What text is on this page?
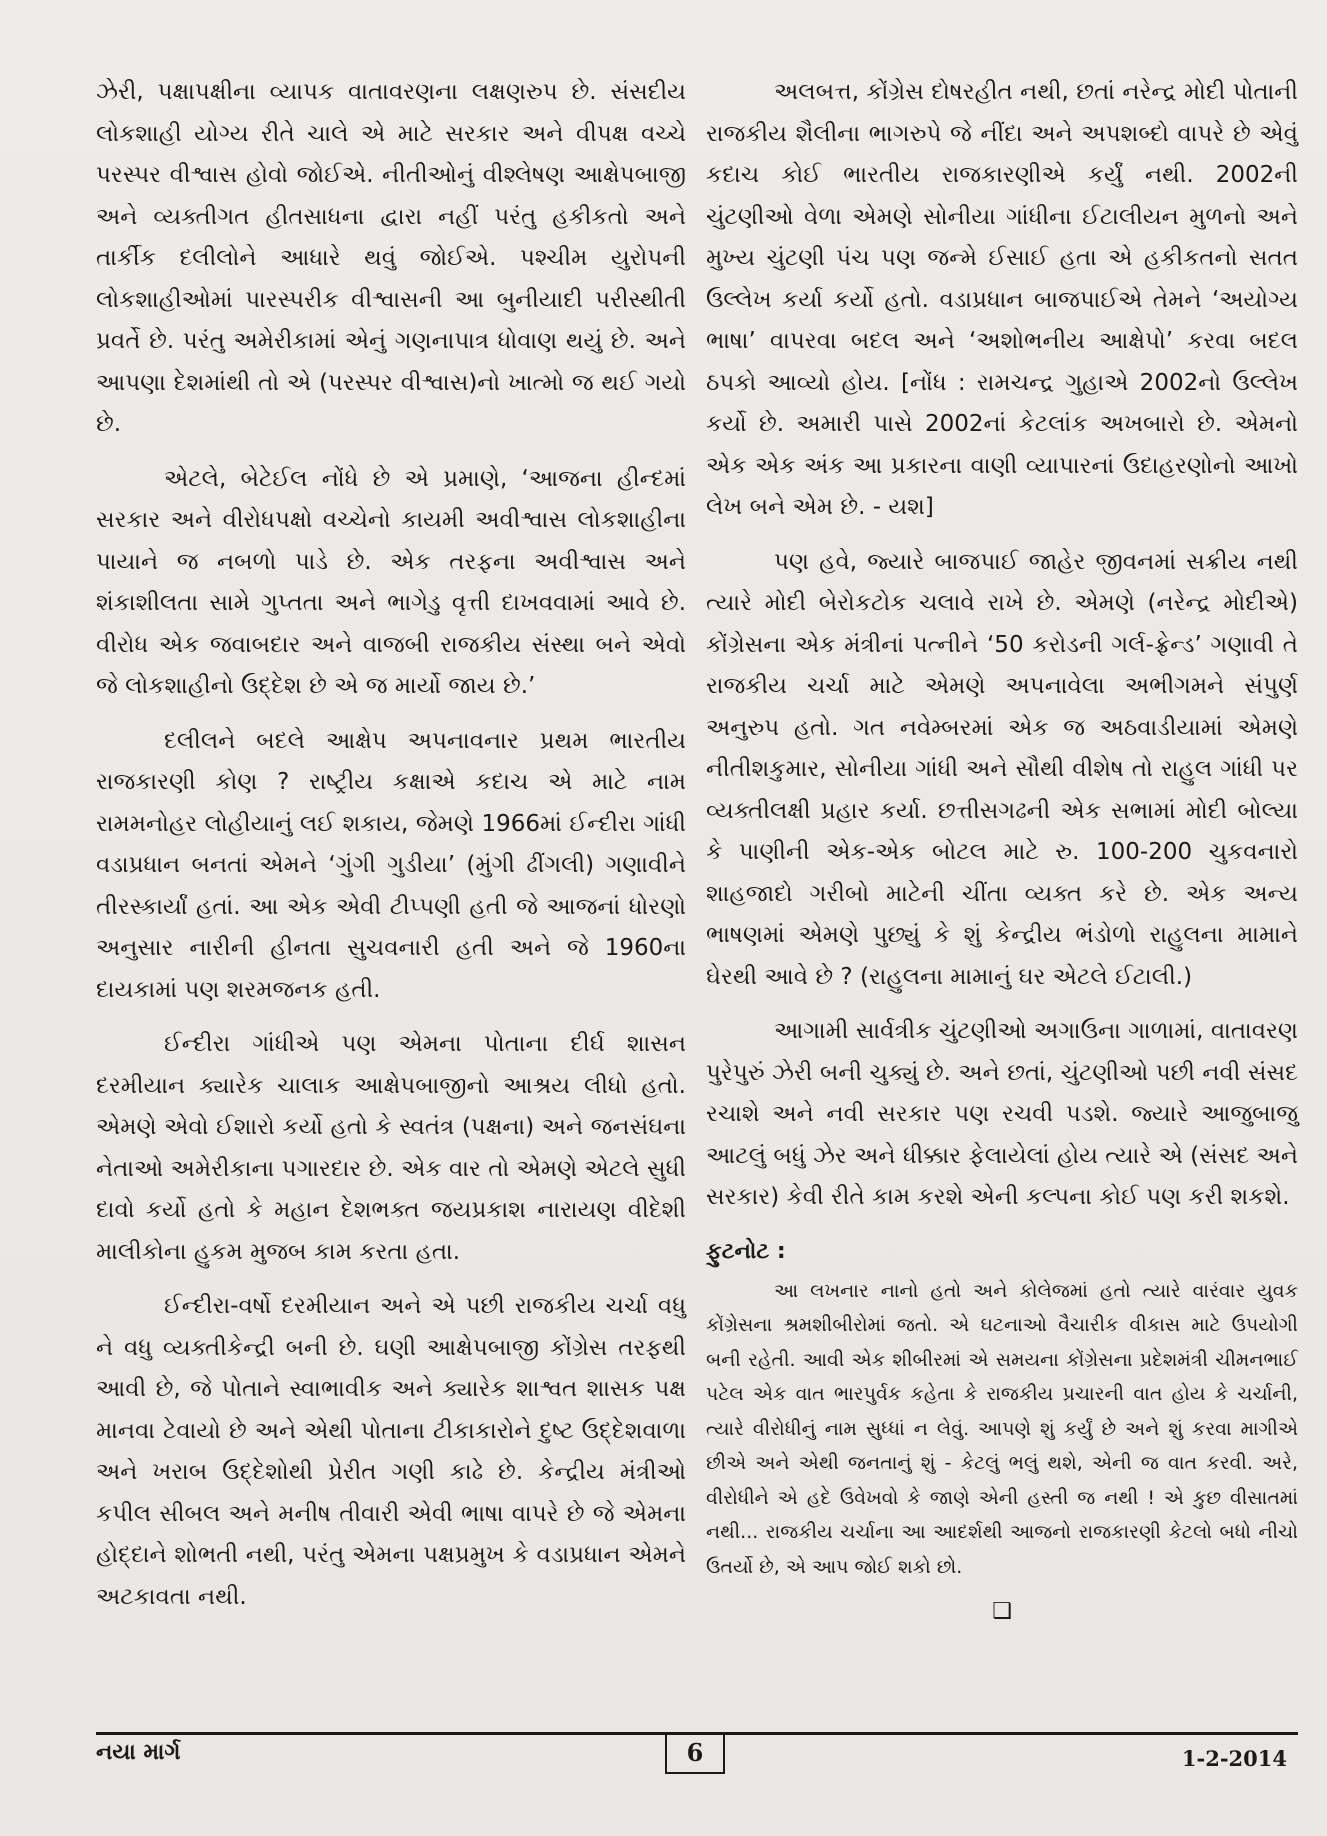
ઝેરી, પક્ષાપક્ષીના વ્યાપક વાતાવરણના લક્ષણરુપ છે. સંસદીય લોકશાહી યોગ્ય રીતે ચાલે એ માટે સરકાર અને વીપક્ષ વચ્ચે પરસ્પર વીશ્વાસ હોવો જોઈએ. નીતીઓનું વીશ્લેષણ આક્ષેપબાજી અને વ્યક્તીગત હીતસાધના દ્વારા નહીં પરંતુ હકીકતો અને તાર્કીક દલીલોને આધારે થવું જોઈએ. પશ્ચીમ યુરોપની લોકશાહીઓમાં પારસ્પરીક વીશ્વાસની આ બુનીયાદી પરીસ્થીતી પ્રવર્તે છે. પરંતુ અમેરીકામાં એનું ગણનાપાત્ર ધોવાણ થયું છે. અને આપણા દેશમાંથી તો એ (પરસ્પર વીશ્વાસ)નો ખાત્મો જ થઈ ગયો છે.

એટલે, બેટેઈલ નોંધે છે એ પ્રમાણે, ‘આજના હીન્દમાં સરકાર અને વીરોધપક્ષો વચ્ચેનો કાયમી અવીશ્વાસ લોકશાહીના પાયાને જ નબળો પાડે છે. એક તરફના અવીશ્વાસ અને શંકાશીલતા સામે ગુપ્તતા અને ભાગેડુ વૃત્તી દાખવવામાં આવે છે. વીરોધ એક જવાબદાર અને વાજબી રાજકીય સંસ્થા બને એવો જે લોકશાહીનો ઉદ્દેશ છે એ જ માર્યો જાય છે.’

દલીલને બદલે આક્ષેપ અપનાવનાર પ્રથમ ભારતીય રાજકારણી કોણ ? રાષ્ટ્રીય કક્ષાએ કદાચ એ માટે નામ રામમનોહર લોહીયાનું લઈ શકાય, જેમણે 1966માં ઈન્દીરા ગાંધી વડાપ્રધાન બનતાં એમને ‘ગુંગી ગુડીયા’ (મુંગી ઢીંગલી) ગણાવીને તીરસ્કાર્યાં હતાં. આ એક એવી ટીપ્પણી હતી જે આજનાં ધોરણો અનુસાર નારીની હીનતા સુચવનારી હતી અને જે 1960ના દાયકામાં પણ શરમજનક હતી.

ઈન્દીરા ગાંધીએ પણ એમના પોતાના દીર્ઘ શાસન દરમીયાન ક્યારેક ચાલાક આક્ષેપબાજીનો આશ્રય લીધો હતો. એમણે એવો ઈશારો કર્યો હતો કે સ્વતંત્ર (પક્ષના) અને જનસંઘના નેતાઓ અમેરીકાના પગારદાર છે. એક વાર તો એમણે એટલે સુધી દાવો કર્યો હતો કે મહાન દેશભક્ત જયપ્રકાશ નારાયણ વીદેશી માલીકોના હુકમ મુજબ કામ કરતા હતા.

ઈન્દીરા-વર્ષો દરમીયાન અને એ પછી રાજકીય ચર્ચા વધુ ને વધુ વ્યક્તીકેન્દ્રી બની છે. ઘણી આક્ષેપબાજી કોંગ્રેસ તરફથી આવી છે, જે પોતાને સ્વાભાવીક અને ક્યારેક શાશ્વત શાસક પક્ષ માનવા ટેવાયો છે અને એથી પોતાના ટીકાકારોને દુષ્ટ ઉદ્દેશવાળા અને ખરાબ ઉદ્દેશોથી પ્રેરીત ગણી કાઢે છે. કેન્દ્રીય મંત્રીઓ કપીલ સીબલ અને મનીષ તીવારી એવી ભાષા વાપરે છે જે એમના હોદ્દાને શોભતી નથી, પરંતુ એમના પક્ષપ્રમુખ કે વડાપ્રધાન એમને અટકાવતા નથી.

અલબત્ત, કોંગ્રેસ દોષરહીત નથી, છતાં નરેન્દ્ર મોદી પોતાની રાજકીય શૈલીના ભાગરુપે જે નીંદા અને અપશબ્દો વાપરે છે એવું કદાચ કોઈ ભારતીય રાજકારણીએ કર્યું નથી. 2002ની ચુંટણીઓ વેળા એમણે સોનીયા ગાંધીના ઈટાલીયન મુળનો અને મુખ્ય ચુંટણી પંચ પણ જન્મે ઈસાઈ હતા એ હકીકતનો સતત ઉલ્લેખ કર્યા કર્યો હતો. વડાપ્રધાન બાજપાઈએ તેમને ‘અયોગ્ય ભાષા’ વાપરવા બદલ અને ‘અશોભનીય આક્ષેપો’ કરવા બદલ ઠપકો આવ્યો હોય. [નોંધ : રામચન્દ્ર ગુહાએ 2002નો ઉલ્લેખ કર્યો છે. અમારી પાસે 2002નાં કેટલાંક અખબારો છે. એમનો એક એક અંક આ પ્રકારના વાણી વ્યાપારનાં ઉદાહરણોનો આખો લેખ બને એમ છે. - યશ]

પણ હવે, જ્યારે બાજપાઈ જાહેર જીવનમાં સક્રીય નથી ત્યારે મોદી બેરોકટોક ચલાવે રાખે છે. એમણે (નરેન્દ્ર મોદીએ) કોંગ્રેસના એક મંત્રીનાં પત્નીને ‘50 કરોડની ગર્લ-ફ્રેન્ડ’ ગણાવી તે રાજકીય ચર્ચા માટે એમણે અપનાવેલા અભીગમને સંપુર્ણ અનુરુપ હતો. ગત નવેમ્બરમાં એક જ અઠવાડીયામાં એમણે નીતીશકુમાર, સોનીયા ગાંધી અને સૌથી વીશેષ તો રાહુલ ગાંધી પર વ્યક્તીલક્ષી પ્રહાર કર્યા. છત્તીસગઢની એક સભામાં મોદી બોલ્યા કે પાણીની એક-એક બોટલ માટે રુ. 100-200 ચુકવનારો શાહજાદો ગરીબો માટેની ચીંતા વ્યક્ત કરે છે. એક અન્ય ભાષણમાં એમણે પુછ્યું કે શું કેન્દ્રીય ભંડોળો રાહુલના મામાને ઘેરથી આવે છે ? (રાહુલના મામાનું ઘર એટલે ઈટાલી.)

આગામી સાર્વત્રીક ચુંટણીઓ અગાઉના ગાળામાં, વાતાવરણ પુરેપુરું ઝેરી બની ચુક્યું છે. અને છતાં, ચુંટણીઓ પછી નવી સંસદ રચાશે અને નવી સરકાર પણ રચવી પડશે. જ્યારે આજુબાજુ આટલું બધું ઝેર અને ધીક્કાર ફેલાયેલાં હોય ત્યારે એ (સંસદ અને સરકાર) કેવી રીતે કામ કરશે એની કલ્પના કોઈ પણ કરી શકશે.

ફુટનોટ :

આ લખનાર નાનો હતો અને કોલેજમાં હતો ત્યારે વારંવાર યુવક કોંગ્રેસના શ્રમશીબીરોમાં જતો. એ ઘટનાઓ વૈચારીક વીકાસ માટે ઉપયોગી બની રહેતી. આવી એક શીબીરમાં એ સમયના કોંગ્રેસના પ્રદેશમંત્રી ચીમનભાઈ પટેલ એક વાત ભારપુર્વક કહેતા કે રાજકીય પ્રચારની વાત હોય કે ચર્ચાની, ત્યારે વીરોધીનું નામ સુધ્ધાં ન લેવું. આપણે શું કર્યું છે અને શું કરવા માગીએ છીએ અને એથી જનતાનું શું - કેટલું ભલું થશે, એની જ વાત કરવી. અરે, વીરોધીને એ હદે ઉવેખવો કે જાણે એની હસ્તી જ નથી ! એ કુછ વીસાતમાં નથી... રાજકીય ચર્ચાના આ આદર્શથી આજનો રાજકારણી કેટલો બધો નીચો ઉતર્યો છે, એ આપ જોઈ શકો છો.

❑
નયા માર્ગ	6	1-2-2014
